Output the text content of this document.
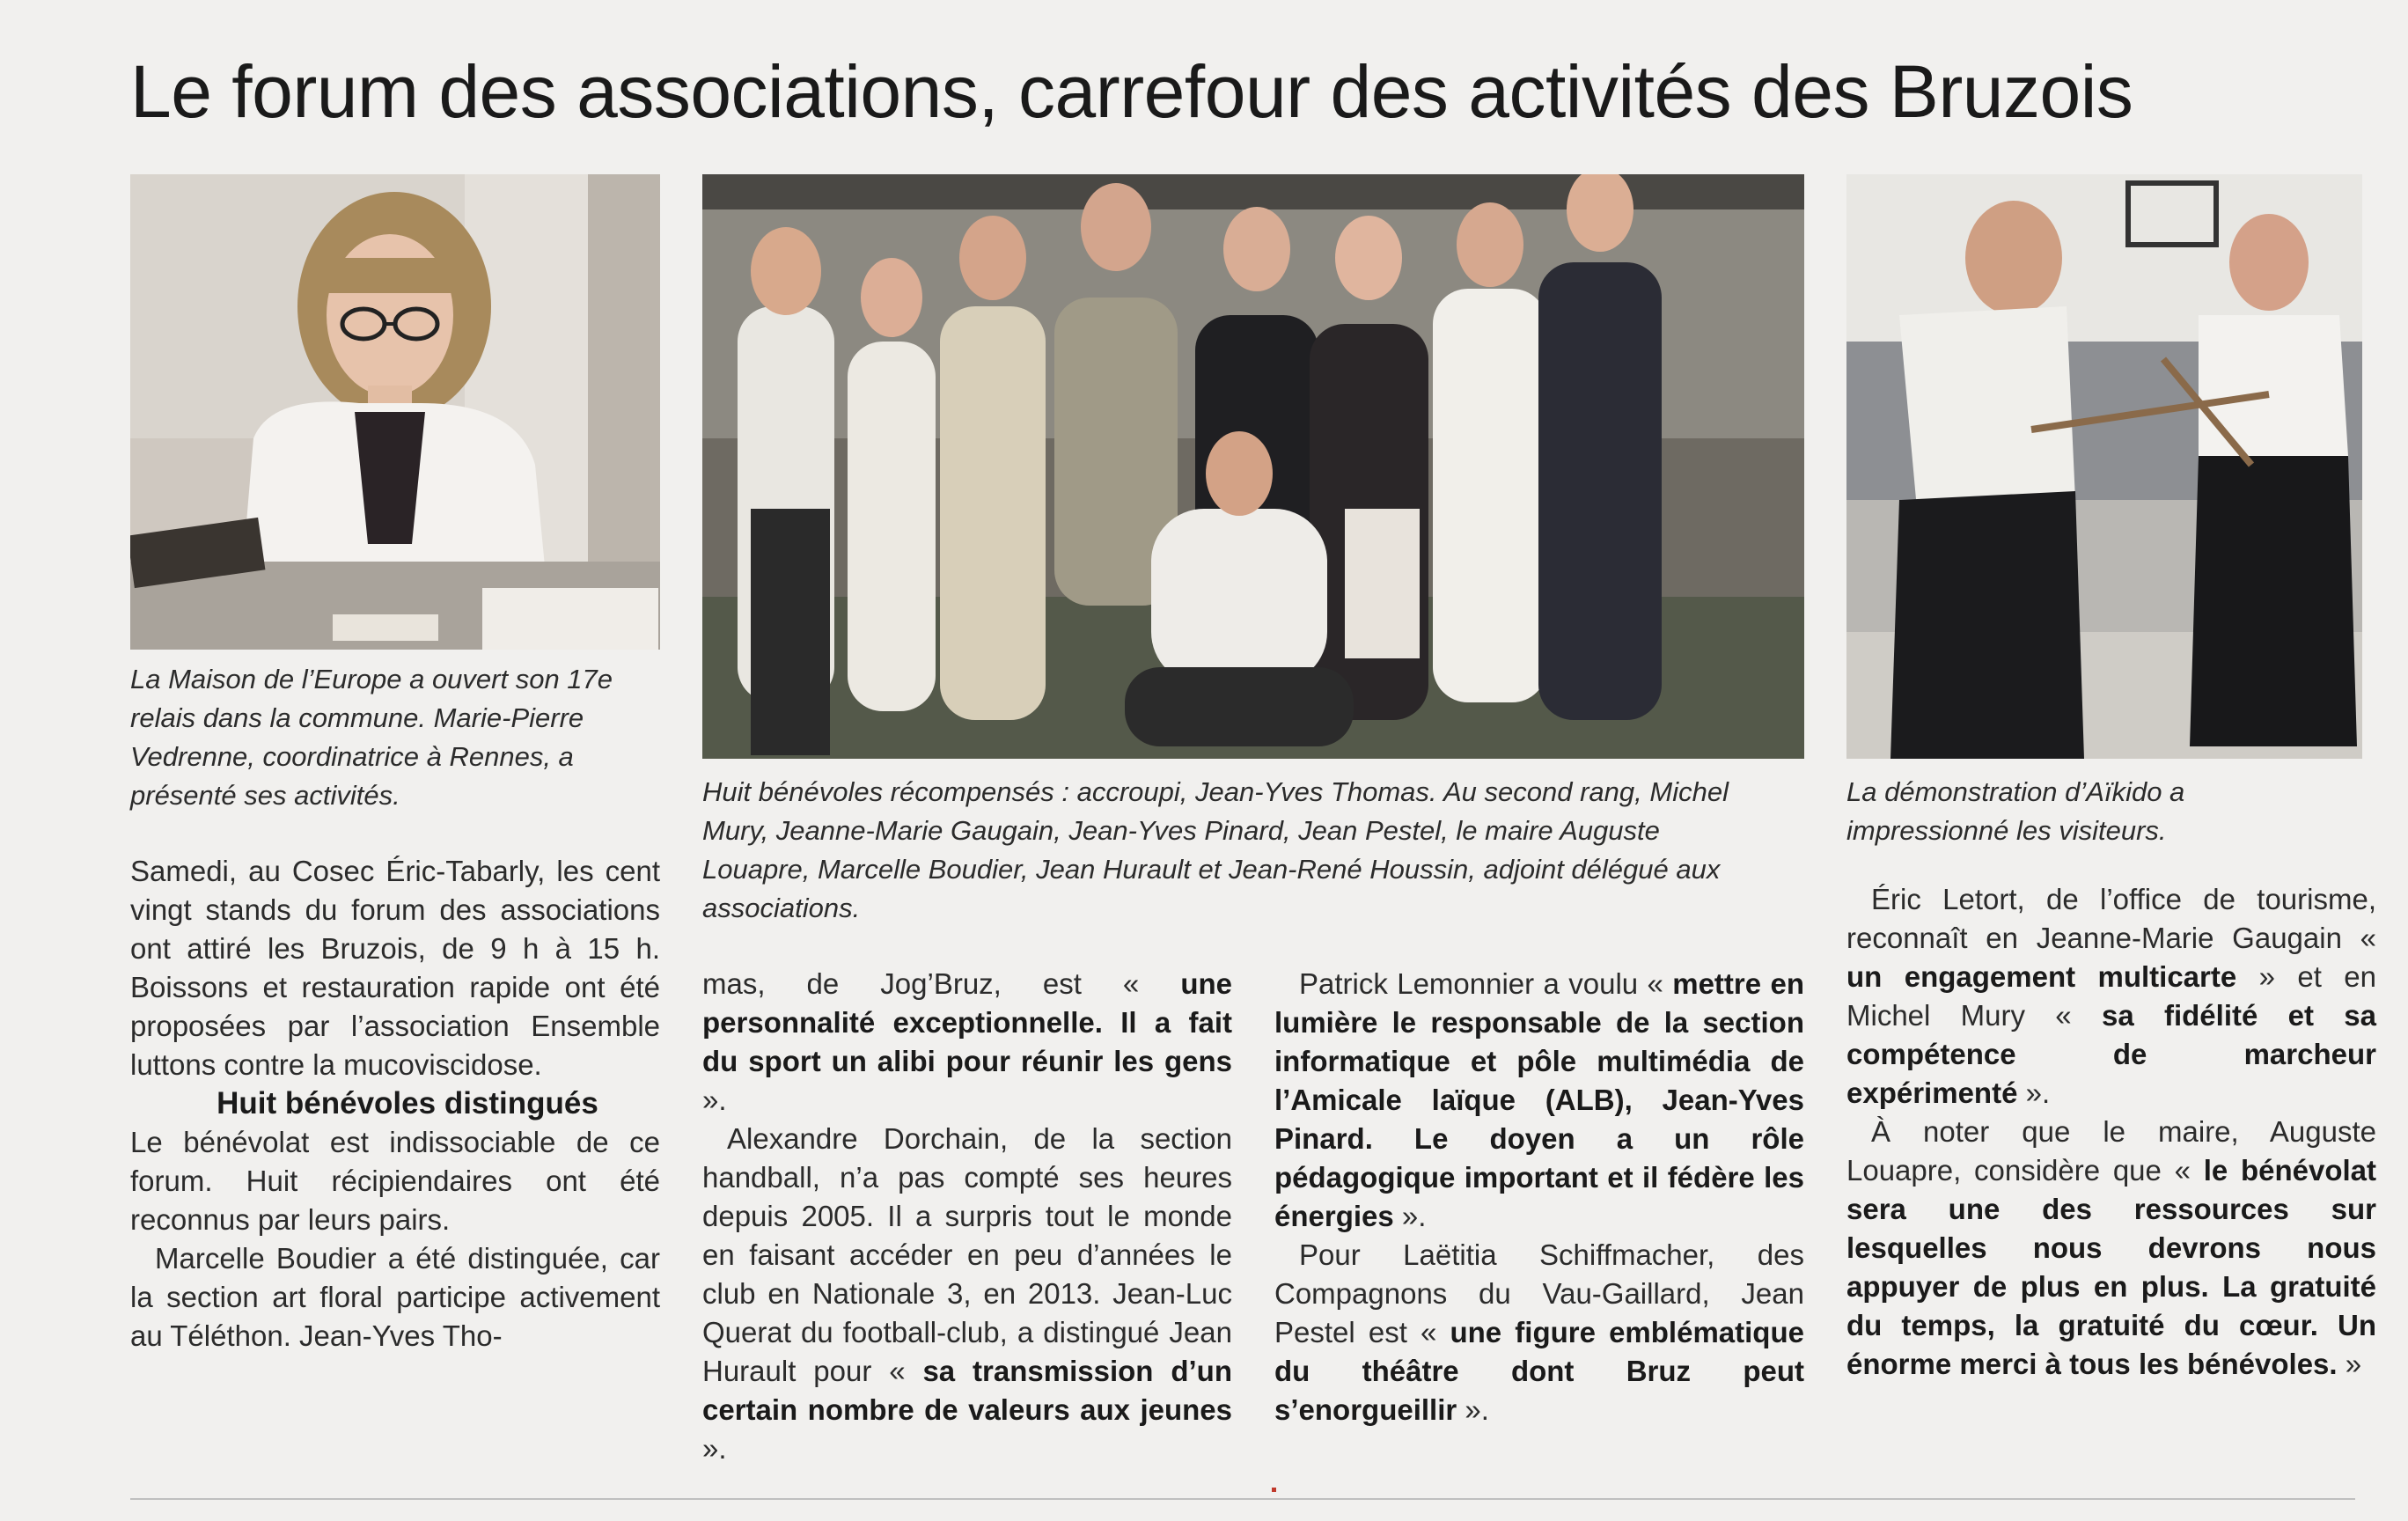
Le forum des associations, carrefour des activités des Bruzois

La Maison de l’Europe a ouvert son 17e relais dans la commune. Marie-Pierre Vedrenne, coordinatrice à Rennes, a présenté ses activités.	Huit bénévoles récompensés : accroupi, Jean-Yves Thomas. Au second rang, Michel Mury, Jeanne-Marie Gaugain, Jean-Yves Pinard, Jean Pestel, le maire Auguste Louapre, Marcelle Boudier, Jean Hurault et Jean-René Houssin, adjoint délégué aux associations.

La démonstration d’Aïkido a impressionné les visiteurs.

Samedi, au Cosec Éric-Tabarly, les cent vingt stands du forum des associations ont attiré les Bruzois, de 9 h à 15 h. Boissons et restauration rapide ont été proposées par l’association Ensemble luttons contre la mucoviscidose.

Huit bénévoles distingués

Le bénévolat est indissociable de ce forum. Huit récipiendaires ont été reconnus par leurs pairs.

Marcelle Boudier a été distinguée, car la section art floral participe activement au Téléthon. Jean-Yves Tho-

mas, de Jog’Bruz, est « une personnalité exceptionnelle. Il a fait du sport un alibi pour réunir les gens ».

Alexandre Dorchain, de la section handball, n’a pas compté ses heures depuis 2005. Il a surpris tout le monde en faisant accéder en peu d’années le club en Nationale 3, en 2013. Jean-Luc Querat du football-club, a distingué Jean Hurault pour « sa transmission d’un certain nombre de valeurs aux jeunes ».

Patrick Lemonnier a voulu « mettre en lumière le responsable de la section informatique et pôle multimédia de l’Amicale laïque (ALB), Jean-Yves Pinard. Le doyen a un rôle pédagogique important et il fédère les énergies ».

Pour Laëtitia Schiffmacher, des Compagnons du Vau-Gaillard, Jean Pestel est « une figure emblématique du théâtre dont Bruz peut s’enorgueillir ».

Éric Letort, de l’office de tourisme, reconnaît en Jeanne-Marie Gaugain « un engagement multicarte » et en Michel Mury « sa fidélité et sa compétence de marcheur expérimenté ».

À noter que le maire, Auguste Louapre, considère que « le bénévolat sera une des ressources sur lesquelles nous devrons nous appuyer de plus en plus. La gratuité du temps, la gratuité du cœur. Un énorme merci à tous les bénévoles. »
